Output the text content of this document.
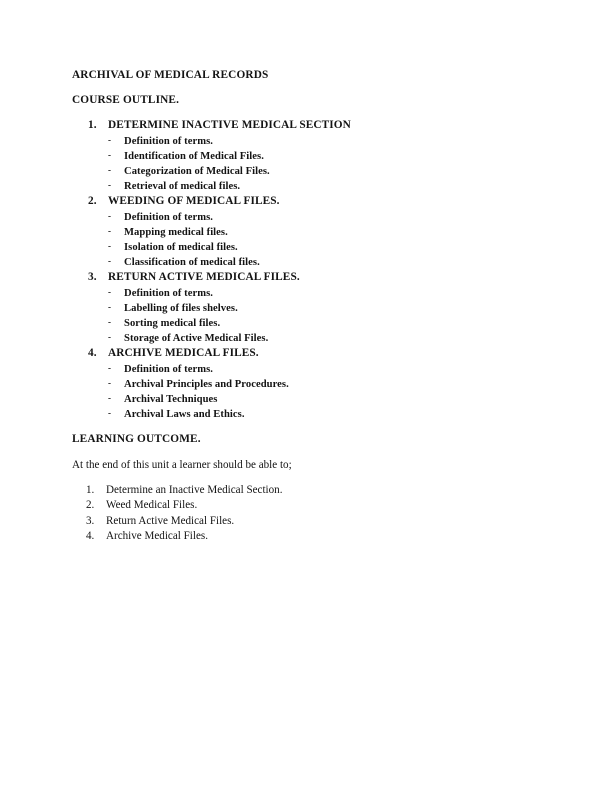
ARCHIVAL OF MEDICAL RECORDS
COURSE OUTLINE.
1.	DETERMINE INACTIVE MEDICAL SECTION
-	Definition of terms.
-	Identification of Medical Files.
-	Categorization of Medical Files.
-	Retrieval of medical files.
2.	WEEDING OF MEDICAL FILES.
-	Definition of terms.
-	Mapping medical files.
-	Isolation of medical files.
-	Classification of medical files.
3.	RETURN ACTIVE MEDICAL FILES.
-	Definition of terms.
-	Labelling of files shelves.
-	Sorting medical files.
-	Storage of Active Medical Files.
4.	ARCHIVE MEDICAL FILES.
-	Definition of terms.
-	Archival Principles and Procedures.
-	Archival Techniques
-	Archival Laws and Ethics.
LEARNING OUTCOME.

At the end of this unit a learner should be able to;

1.	Determine an Inactive Medical Section.
2.	Weed Medical Files.
3.	Return Active Medical Files.
4.	Archive Medical Files.
